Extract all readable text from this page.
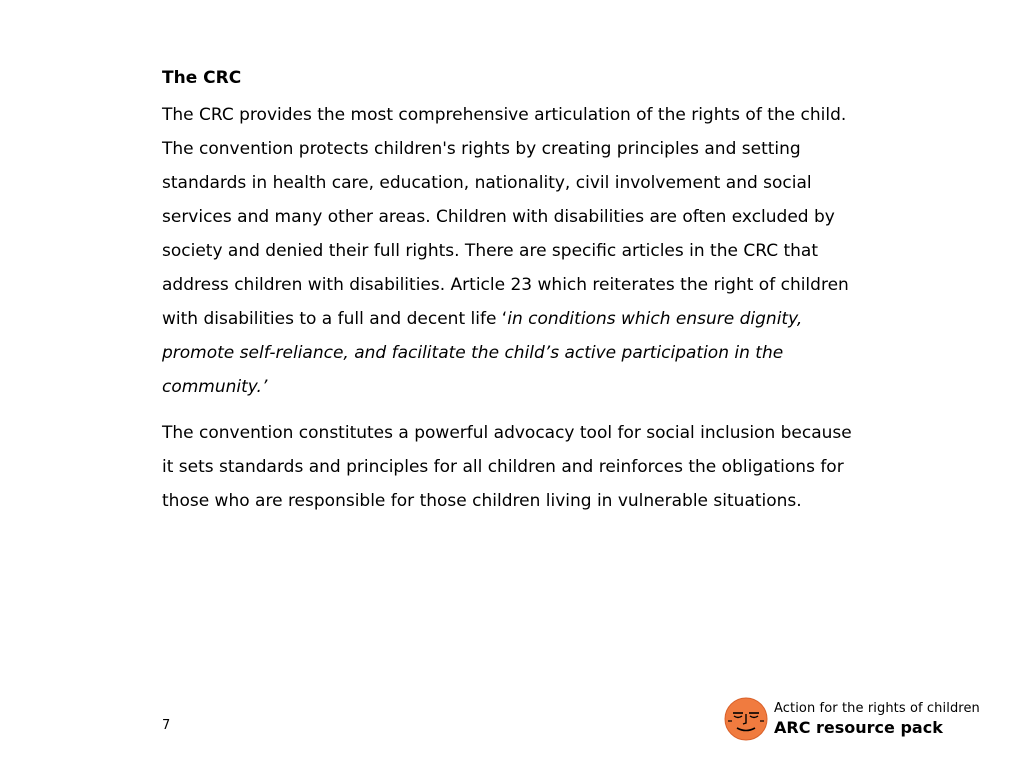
The CRC
The CRC provides the most comprehensive articulation of the rights of the child.
The convention protects children's rights by creating principles and setting
standards in health care, education, nationality, civil involvement and social
services and many other areas. Children with disabilities are often excluded by
society and denied their full rights. There are specific articles in the CRC that
address children with disabilities. Article 23 which reiterates the right of children
with disabilities to a full and decent life ‘in conditions which ensure dignity,
promote self-reliance, and facilitate the child’s active participation in the
community.’
The convention constitutes a powerful advocacy tool for social inclusion because
it sets standards and principles for all children and reinforces the obligations for
those who are responsible for those children living in vulnerable situations.
7
Action for the rights of children
ARC resource pack
